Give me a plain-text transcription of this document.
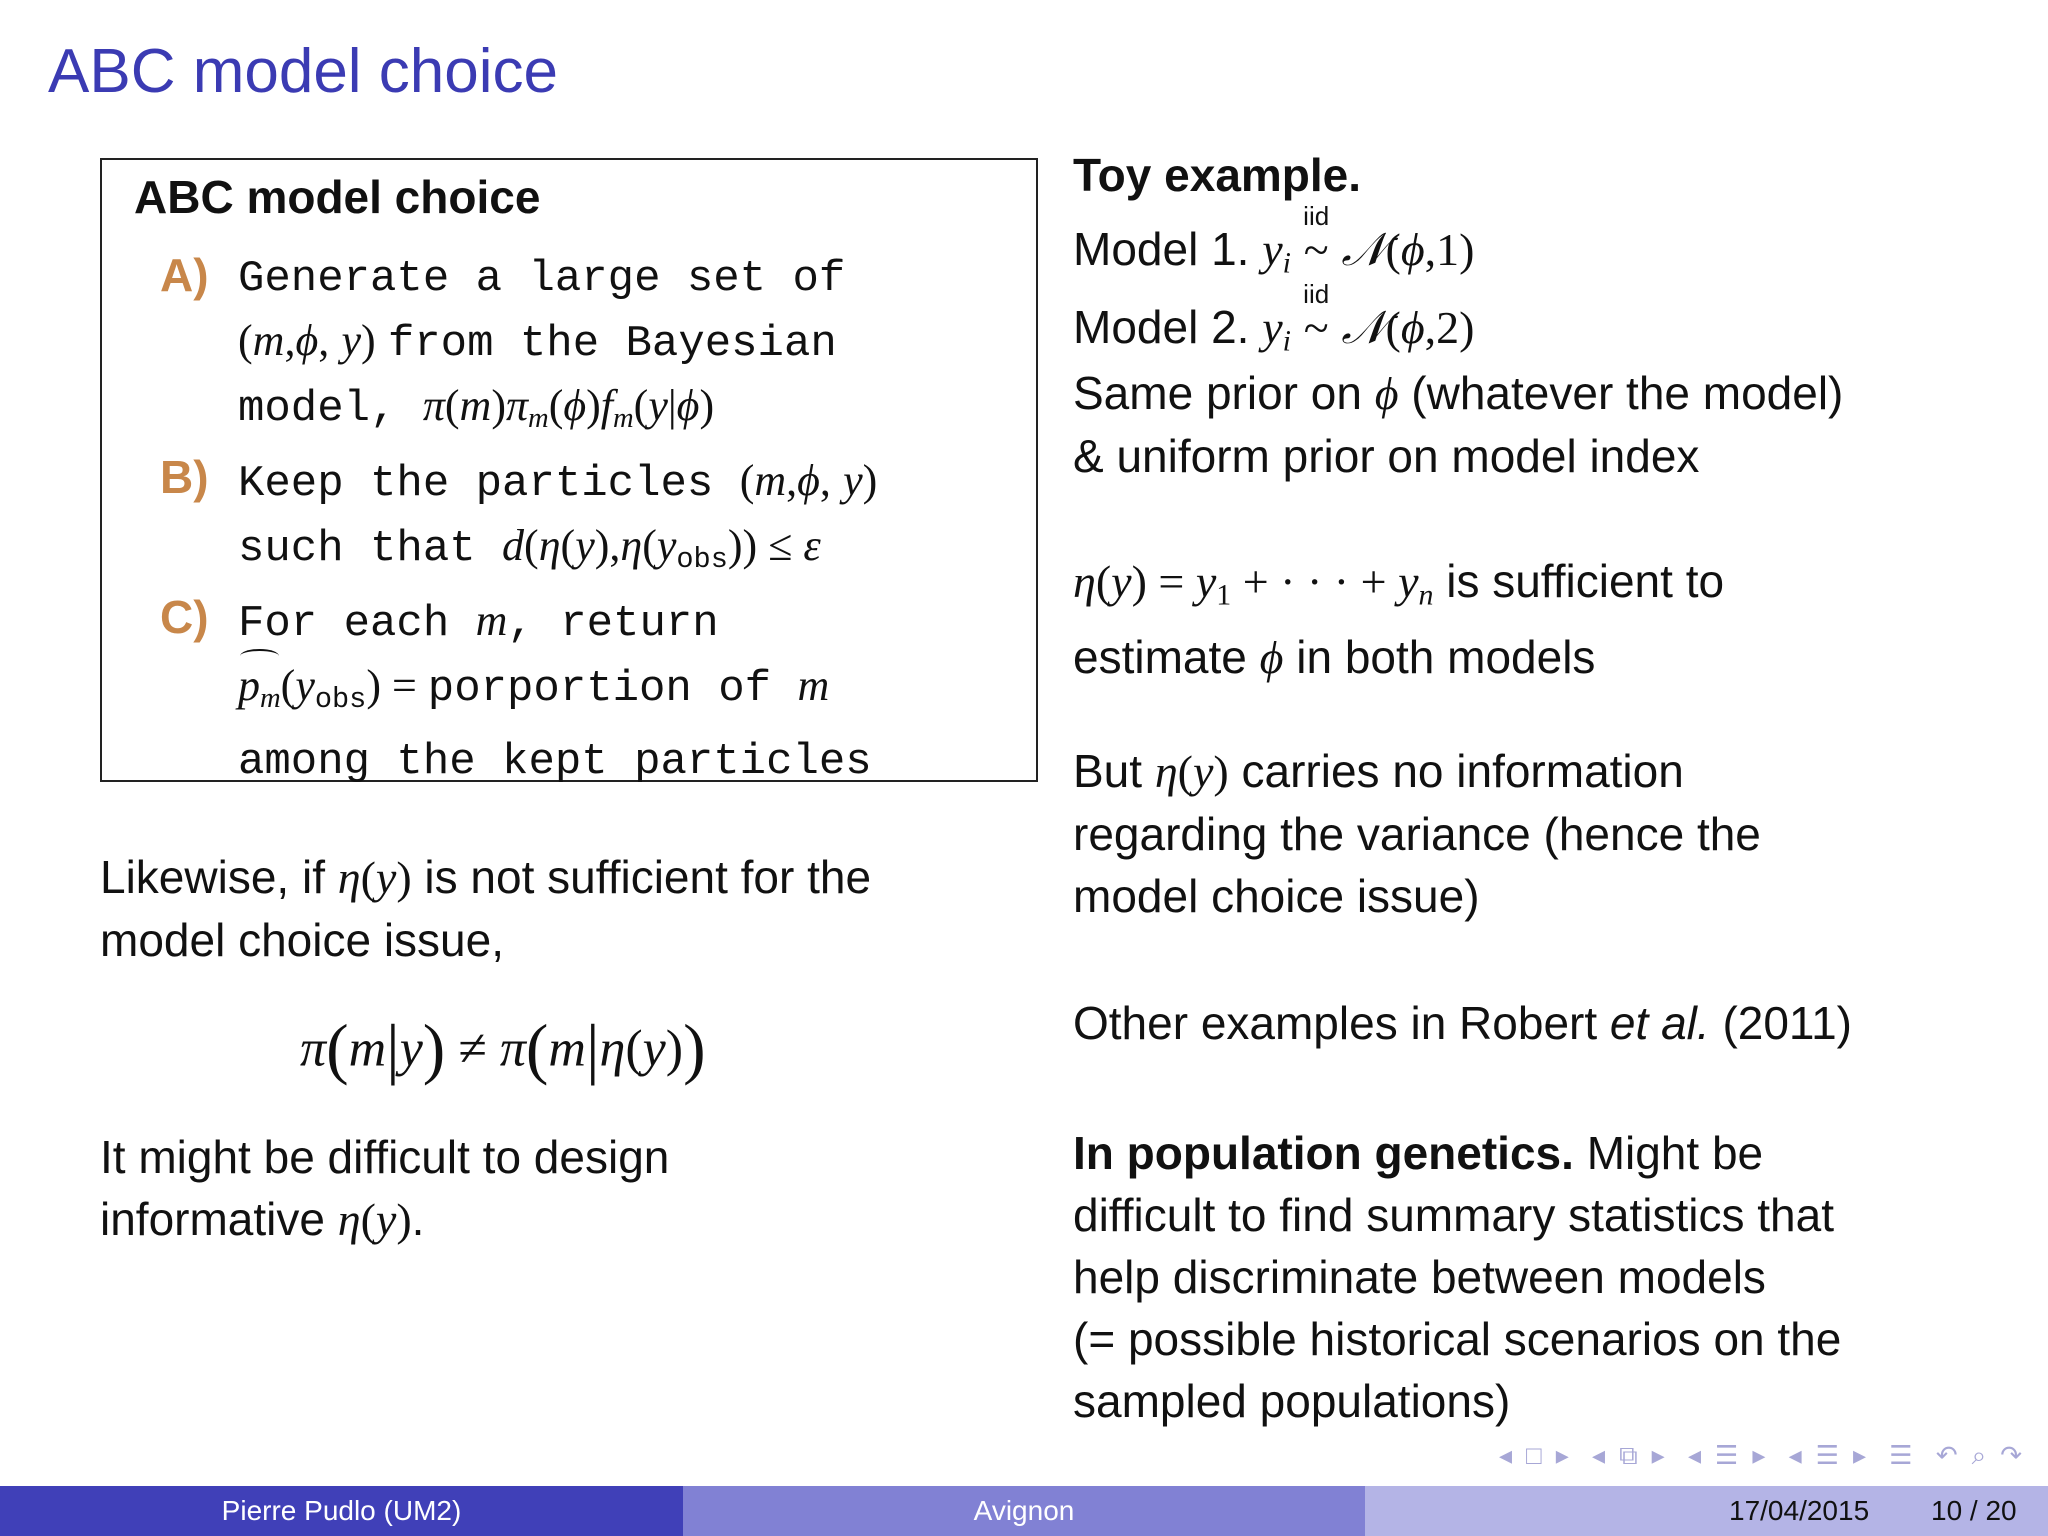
ABC model choice
ABC model choice
A) Generate a large set of
(m,ϕ, y) from the Bayesian
model, $\pi(m)\pi_m(\phi)f_m(y|\phi)$
B) Keep the particles (m,ϕ, y)
such that $d(\eta(y),\eta(y_{obs})) \le \varepsilon$
C) For each m, return
$p_m(y_{obs})$ = porportion of m
among the kept particles
Likewise, if η(y) is not sufficient for the
model choice issue,
π(m|y) ≠ π(m|η(y))
It might be difficult to design
informative η(y).
Toy example.
Model 1. $y_i$ ~
iid
𝒩(ϕ,1)
Model 2. $y_i$ ~
iid
𝒩(ϕ,2)
Same prior on ϕ (whatever the model)
& uniform prior on model index
$\eta(y) = y_1$ + · · · + $y_n$ is sufficient to
estimate ϕ in both models
But η(y) carries no information
regarding the variance (hence the
model choice issue)
Other examples in Robert et al. (2011)
In population genetics. Might be
difficult to find summary statistics that
help discriminate between models
(= possible historical scenarios on the
sampled populations)
◂ □ ▸ ◂ ⧉ ▸ ◂ ☰ ▸ ◂ ☰ ▸ ☰ ↶ ⌕ ↷
Pierre Pudlo (UM2)	Avignon	17/04/2015 10 / 20
